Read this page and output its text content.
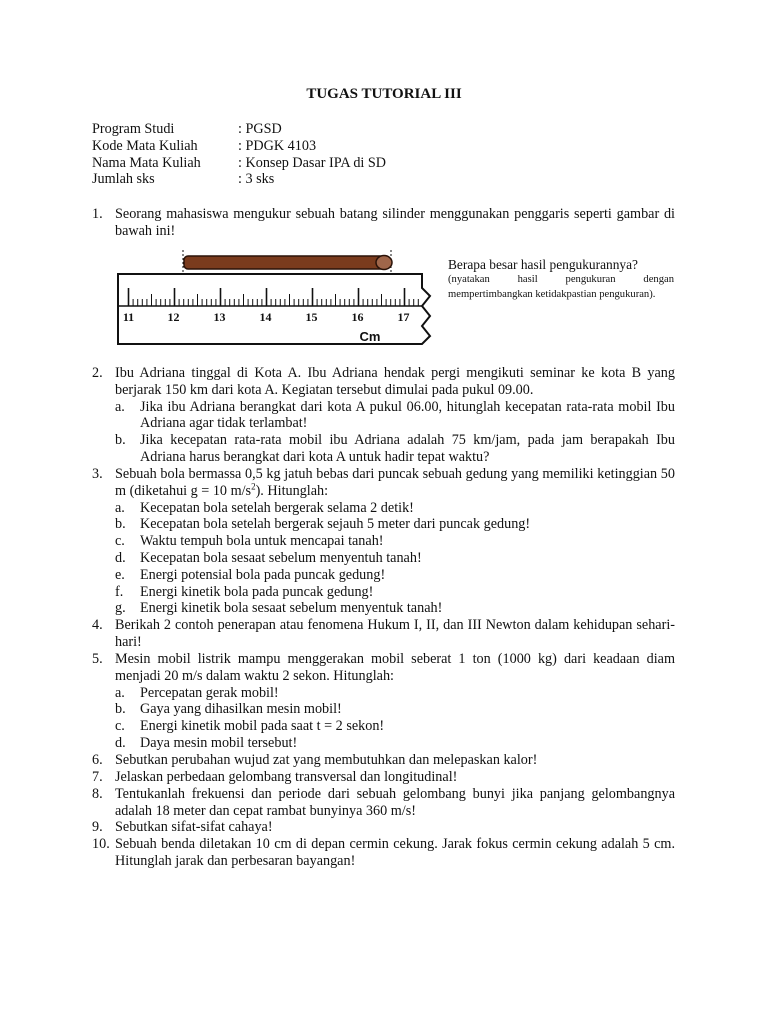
TUGAS TUTORIAL III
Program Studi	: PGSD
Kode Mata Kuliah	: PDGK 4103
Nama Mata Kuliah	: Konsep Dasar IPA di SD
Jumlah sks	: 3 sks
1. Seorang mahasiswa mengukur sebuah batang silinder menggunakan penggaris seperti gambar di bawah ini!
11	12	13	14	15	16	17
Cm
Berapa besar hasil pengukurannya?
(nyatakan hasil pengukuran dengan mempertimbangkan ketidakpastian pengukuran).
2. Ibu Adriana tinggal di Kota A. Ibu Adriana hendak pergi mengikuti seminar ke kota B yang berjarak 150 km dari kota A. Kegiatan tersebut dimulai pada pukul 09.00.
a. Jika ibu Adriana berangkat dari kota A pukul 06.00, hitunglah kecepatan rata-rata mobil Ibu Adriana agar tidak terlambat!
b. Jika kecepatan rata-rata mobil ibu Adriana adalah 75 km/jam, pada jam berapakah Ibu Adriana harus berangkat dari kota A untuk hadir tepat waktu?
3. Sebuah bola bermassa 0,5 kg jatuh bebas dari puncak sebuah gedung yang memiliki ketinggian 50 m (diketahui g = 10 $m/s^2$). Hitunglah:
a. Kecepatan bola setelah bergerak selama 2 detik!
b. Kecepatan bola setelah bergerak sejauh 5 meter dari puncak gedung!
c. Waktu tempuh bola untuk mencapai tanah!
d. Kecepatan bola sesaat sebelum menyentuh tanah!
e. Energi potensial bola pada puncak gedung!
f. Energi kinetik bola pada puncak gedung!
g. Energi kinetik bola sesaat sebelum menyentuk tanah!
4. Berikah 2 contoh penerapan atau fenomena Hukum I, II, dan III Newton dalam kehidupan sehari-hari!
5. Mesin mobil listrik mampu menggerakan mobil seberat 1 ton (1000 kg) dari keadaan diam menjadi 20 m/s dalam waktu 2 sekon. Hitunglah:
a. Percepatan gerak mobil!
b. Gaya yang dihasilkan mesin mobil!
c. Energi kinetik mobil pada saat t = 2 sekon!
d. Daya mesin mobil tersebut!
6. Sebutkan perubahan wujud zat yang membutuhkan dan melepaskan kalor!
7. Jelaskan perbedaan gelombang transversal dan longitudinal!
8. Tentukanlah frekuensi dan periode dari sebuah gelombang bunyi jika panjang gelombangnya adalah 18 meter dan cepat rambat bunyinya 360 m/s!
9. Sebutkan sifat-sifat cahaya!
10. Sebuah benda diletakan 10 cm di depan cermin cekung. Jarak fokus cermin cekung adalah 5 cm. Hitunglah jarak dan perbesaran bayangan!
